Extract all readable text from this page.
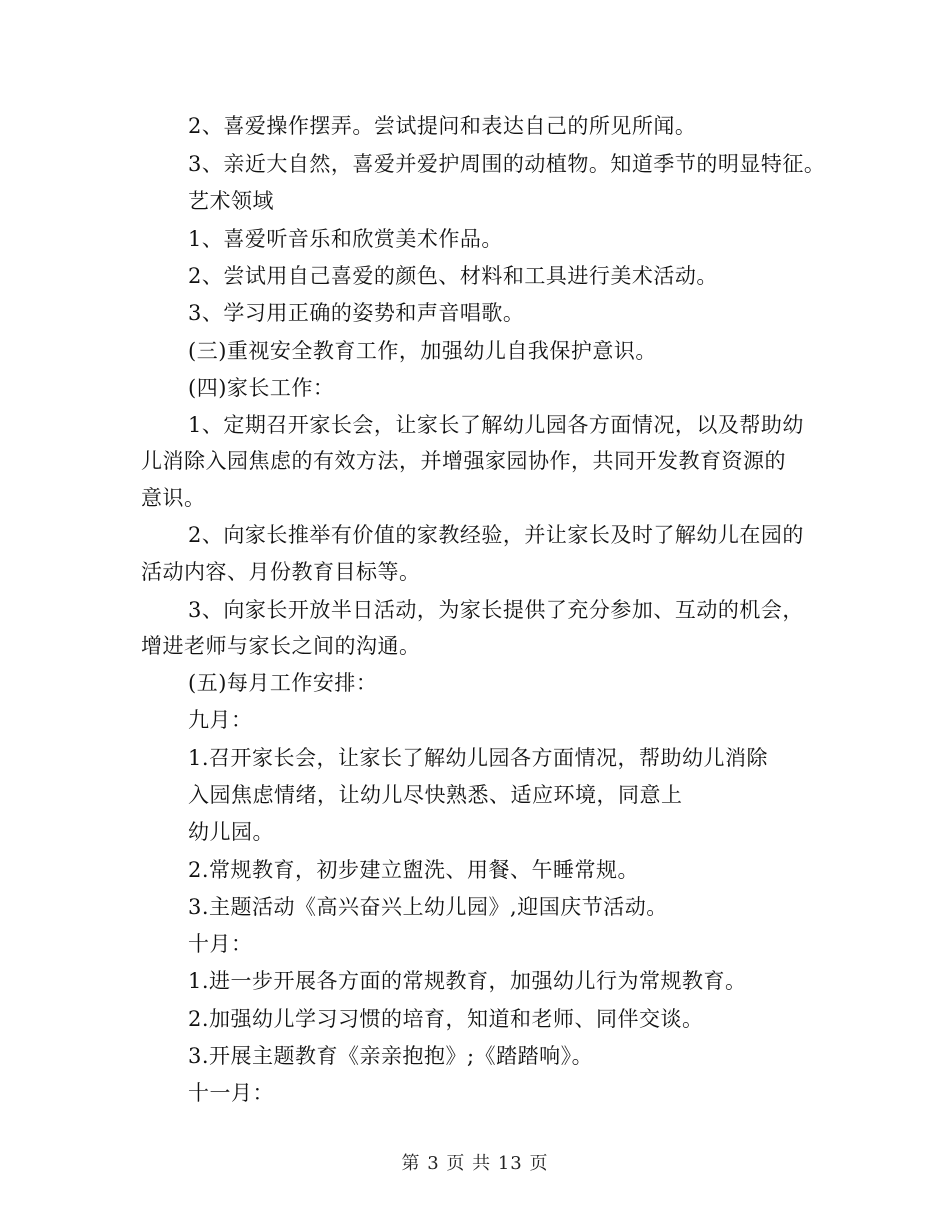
2、喜爱操作摆弄。尝试提问和表达自己的所见所闻。
3、亲近大自然，喜爱并爱护周围的动植物。知道季节的明显特征。
艺术领域
1、喜爱听音乐和欣赏美术作品。
2、尝试用自己喜爱的颜色、材料和工具进行美术活动。
3、学习用正确的姿势和声音唱歌。
(三)重视安全教育工作，加强幼儿自我保护意识。
(四)家长工作：
1、定期召开家长会，让家长了解幼儿园各方面情况，以及帮助幼
儿消除入园焦虑的有效方法，并增强家园协作，共同开发教育资源的
意识。
2、向家长推举有价值的家教经验，并让家长及时了解幼儿在园的
活动内容、月份教育目标等。
3、向家长开放半日活动，为家长提供了充分参加、互动的机会，
增进老师与家长之间的沟通。
(五)每月工作安排：
九月：
1.召开家长会，让家长了解幼儿园各方面情况，帮助幼儿消除
入园焦虑情绪，让幼儿尽快熟悉、适应环境，同意上
幼儿园。
2.常规教育，初步建立盥洗、用餐、午睡常规。
3.主题活动《高兴奋兴上幼儿园》,迎国庆节活动。
十月：
1.进一步开展各方面的常规教育，加强幼儿行为常规教育。
2.加强幼儿学习习惯的培育，知道和老师、同伴交谈。
3.开展主题教育《亲亲抱抱》;《踏踏响》。
十一月：
第 3 页 共 13 页
